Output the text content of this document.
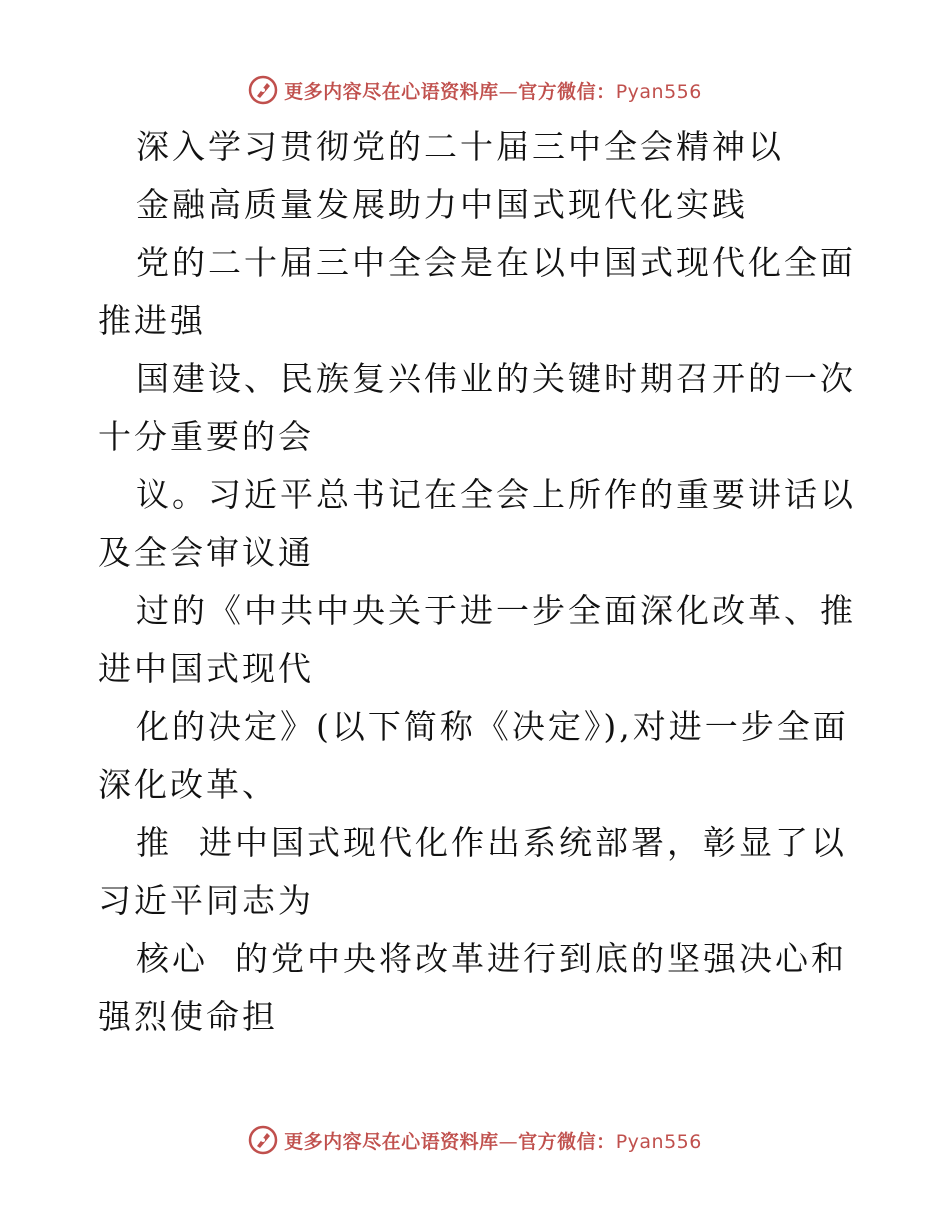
更多内容尽在心语资料库—官方微信：Pyan556

深入学习贯彻党的二十届三中全会精神以

金融高质量发展助力中国式现代化实践

党的二十届三中全会是在以中国式现代化全面推进强

国建设、民族复兴伟业的关键时期召开的一次十分重要的会

议。习近平总书记在全会上所作的重要讲话以及全会审议通

过的《中共中央关于进一步全面深化改革、推进中国式现代

化的决定》(以下简称《决定》),对进一步全面深化改革、

推  进中国式现代化作出系统部署，彰显了以习近平同志为

核心  的党中央将改革进行到底的坚强决心和强烈使命担

更多内容尽在心语资料库—官方微信：Pyan556
